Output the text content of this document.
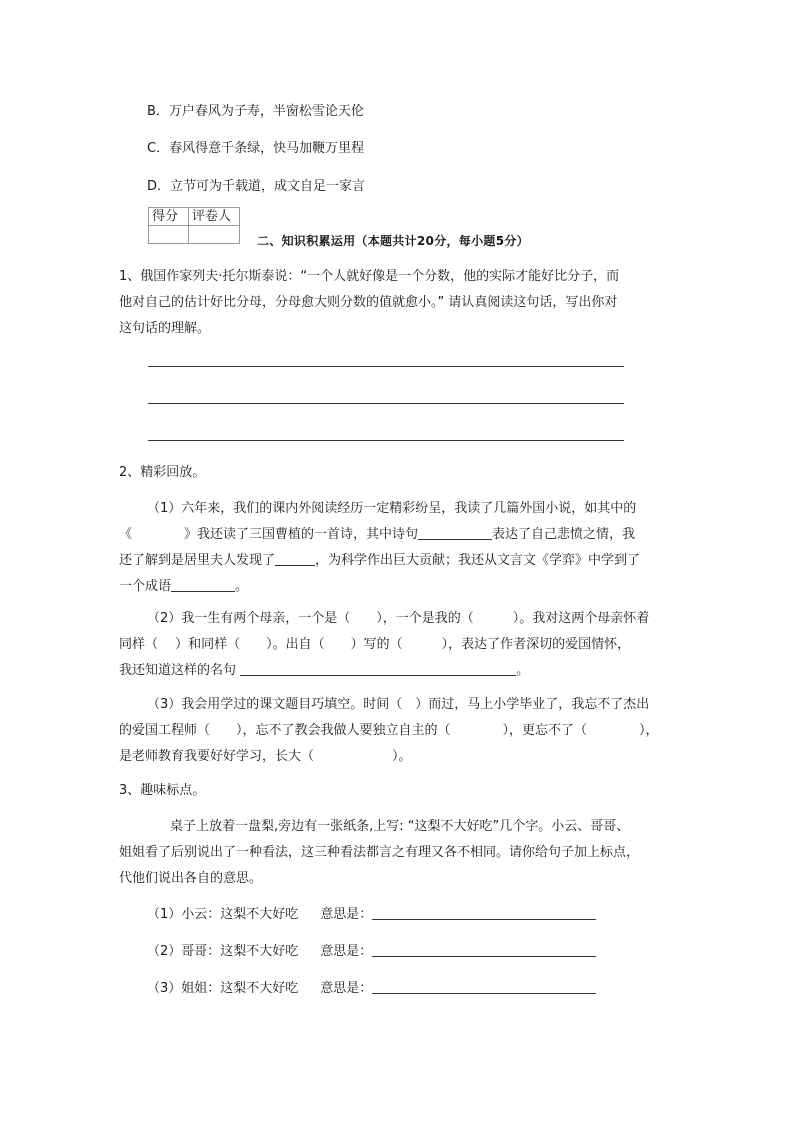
B．万户春风为子寿，半窗松雪论天伦
C．春风得意千条绿，快马加鞭万里程
D．立节可为千载道，成文自足一家言
得分	评卷人

二、知识积累运用（本题共计20分，每小题5分）
1、俄国作家列夫·托尔斯泰说：“一个人就好像是一个分数，他的实际才能好比分子，而
他对自己的估计好比分母，分母愈大则分数的值就愈小。” 请认真阅读这句话，写出你对
这句话的理解。
2、精彩回放。
（1）六年来，我们的课内外阅读经历一定精彩纷呈，我读了几篇外国小说，如其中的
《	》我还读了三国曹植的一首诗，其中诗句	表达了自己悲愤之情，我
还了解到是居里夫人发现了	，为科学作出巨大贡献；我还从文言文《学弈》中学到了
一个成语	。
（2）我一生有两个母亲，一个是（　　），一个是我的（　　　）。我对这两个母亲怀着
同样（　 ）和同样（　　）。出自（　　）写的（　　　），表达了作者深切的爱国情怀，
我还知道这样的名句	。
（3）我会用学过的课文题目巧填空。时间（　）而过，马上小学毕业了，我忘不了杰出
的爱国工程师（　　），忘不了教会我做人要独立自主的（　　　　），更忘不了（　　　　），
是老师教育我要好好学习，长大（　　　　　　）。
3、趣味标点。
桌子上放着一盘梨,旁边有一张纸条,上写: “这梨不大好吃”几个字。小云、哥哥、
姐姐看了后别说出了一种看法，这三种看法都言之有理又各不相同。请你给句子加上标点，
代他们说出各自的意思。
（1）小云：这梨不大好吃 意思是：
（2）哥哥：这梨不大好吃 意思是：
（3）姐姐：这梨不大好吃 意思是：
